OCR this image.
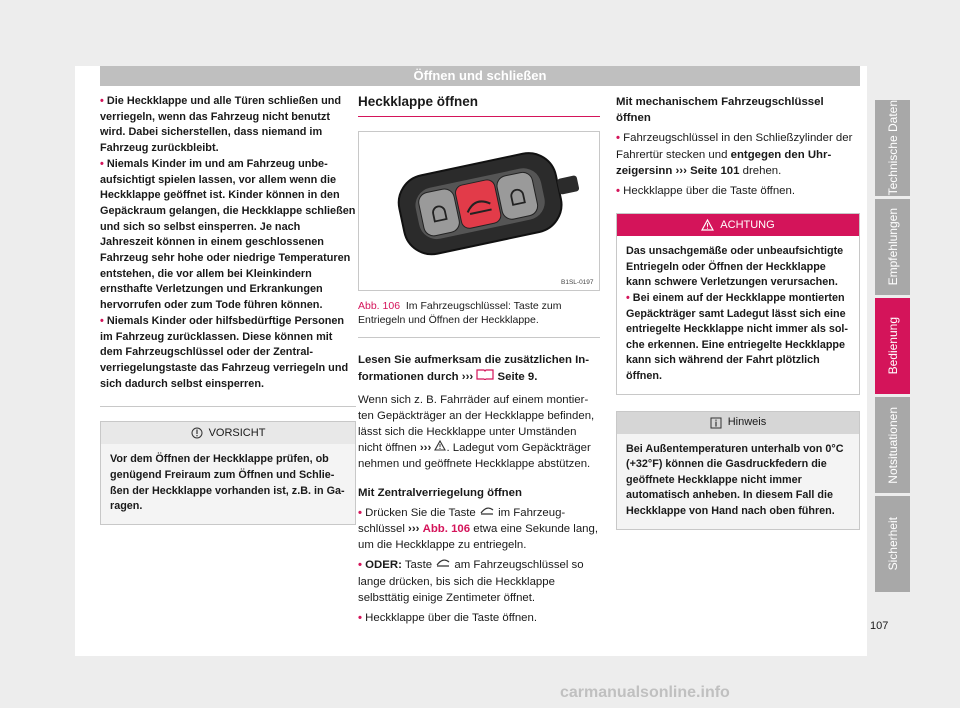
Öffnen und schließen

• Die Heckklappe und alle Türen schließen und verriegeln, wenn das Fahrzeug nicht benutzt wird. Dabei sicherstellen, dass niemand im Fahrzeug zurückbleibt.

• Niemals Kinder im und am Fahrzeug unbeaufsichtigt spielen lassen, vor allem wenn die Heckklappe geöffnet ist. Kinder können in den Gepäckraum gelangen, die Heckklappe schließen und sich so selbst einsperren. Je nach Jahreszeit können in einem geschlossenen Fahrzeug sehr hohe oder niedrige Temperaturen entstehen, die vor allem bei Kleinkindern ernsthafte Verletzungen und Erkrankungen hervorrufen oder zum Tode führen können.

• Niemals Kinder oder hilfsbedürftige Personen im Fahrzeug zurücklassen. Diese können mit dem Fahrzeugschlüssel oder der Zentralverriegelungstaste das Fahrzeug verriegeln und sich dadurch selbst einsperren.

VORSICHT
Vor dem Öffnen der Heckklappe prüfen, ob genügend Freiraum zum Öffnen und Schließen der Heckklappe vorhanden ist, z.B. in Garagen.
Heckklappe öffnen
B1SL-0197
Abb. 106 Im Fahrzeugschlüssel: Taste zum Entriegeln und Öffnen der Heckklappe.

Lesen Sie aufmerksam die zusätzlichen Informationen durch ››› Seite 9.

Wenn sich z. B. Fahrräder auf einem montierten Gepäckträger an der Heckklappe befinden, lässt sich die Heckklappe unter Umständen nicht öffnen ››› . Ladegut vom Gepäckträger nehmen und geöffnete Heckklappe abstützen.

Mit Zentralverriegelung öffnen

• Drücken Sie die Taste im Fahrzeugschlüssel ››› Abb. 106 etwa eine Sekunde lang, um die Heckklappe zu entriegeln.

• ODER: Taste am Fahrzeugschlüssel so lange drücken, bis sich die Heckklappe selbsttätig einige Zentimeter öffnet.

• Heckklappe über die Taste öffnen.

Mit mechanischem Fahrzeugschlüssel öffnen

• Fahrzeugschlüssel in den Schließzylinder der Fahrertür stecken und entgegen den Uhrzeigersinn ››› Seite 101 drehen.

• Heckklappe über die Taste öffnen.

ACHTUNG

Das unsachgemäße oder unbeaufsichtigte Entriegeln oder Öffnen der Heckklappe kann schwere Verletzungen verursachen.

• Bei einem auf der Heckklappe montierten Gepäckträger samt Ladegut lässt sich eine entriegelte Heckklappe nicht immer als solche erkennen. Eine entriegelte Heckklappe kann sich während der Fahrt plötzlich öffnen.

Hinweis
Bei Außentemperaturen unterhalb von 0°C (+32°F) können die Gasdruckfedern die geöffnete Heckklappe nicht immer automatisch anheben. In diesem Fall die Heckklappe von Hand nach oben führen.
Technische Daten
Empfehlungen
Bedienung
Notsituationen
Sicherheit
107
carmanualsonline.info
